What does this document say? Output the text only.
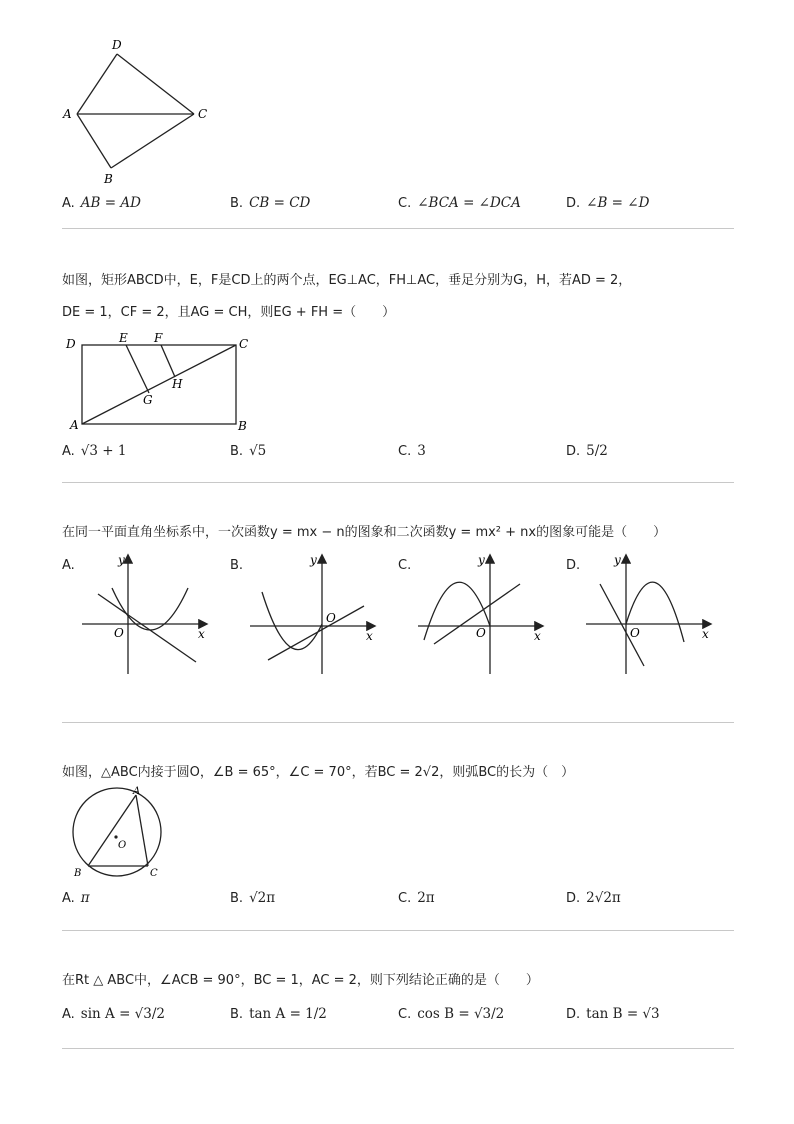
D
A	C
B
A. AB = AD	B. CB = CD	C. ∠BCA = ∠DCA	D. ∠B = ∠D
如图，矩形ABCD中，E，F是CD上的两个点，EG⊥AC，FH⊥AC，垂足分别为G，H，若AD = 2，
DE = 1，CF = 2，且AG = CH，则EG + FH =（　　）
D	E F	C
H
G
A	B
A. √3 + 1	B. √5	C. 3	D. 5/2
在同一平面直角坐标系中，一次函数y = mx − n的图象和二次函数y = mx² + nx的图象可能是（　　）
A.	B.	C.	D.
y
x
O
y
x
O
y
x
O
y
x
O
如图，△ABC内接于圆O，∠B = 65°，∠C = 70°，若BC = 2√2，则弧BC的长为（　）
A
O
B	C
A. π	B. √2π	C. 2π	D. 2√2π
在Rt △ ABC中，∠ACB = 90°，BC = 1，AC = 2，则下列结论正确的是（　　）
A. sin A = √3/2	B. tan A = 1/2	C. cos B = √3/2	D. tan B = √3
